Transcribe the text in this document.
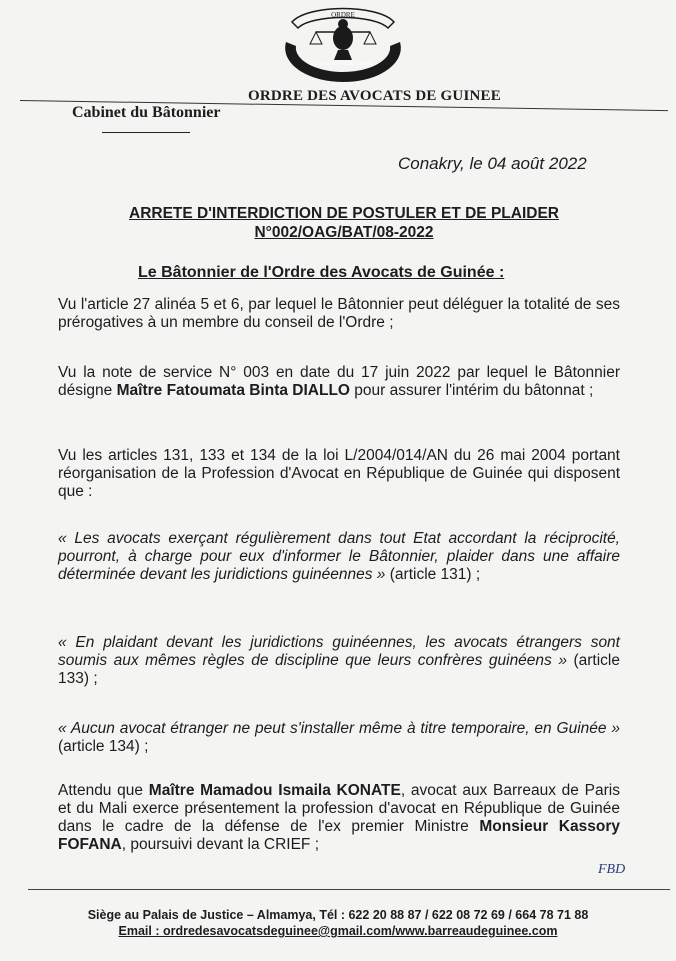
ORDRE
DES AVOCATS DE GUINEE
ORDRE DES AVOCATS DE GUINEE
Cabinet du Bâtonnier
Conakry, le 04 août 2022
ARRETE D'INTERDICTION DE POSTULER ET DE PLAIDER
N°002/OAG/BAT/08-2022
Le Bâtonnier de l'Ordre des Avocats de Guinée :
Vu l'article 27 alinéa 5 et 6, par lequel le Bâtonnier peut déléguer la totalité de ses prérogatives à un membre du conseil de l'Ordre ;
Vu la note de service N° 003 en date du 17 juin 2022 par lequel le Bâtonnier désigne Maître Fatoumata Binta DIALLO pour assurer l'intérim du bâtonnat ;
Vu les articles 131, 133 et 134 de la loi L/2004/014/AN du 26 mai 2004 portant réorganisation de la Profession d'Avocat en République de Guinée qui disposent que :
« Les avocats exerçant régulièrement dans tout Etat accordant la réciprocité, pourront, à charge pour eux d'informer le Bâtonnier, plaider dans une affaire déterminée devant les juridictions guinéennes » (article 131) ;
« En plaidant devant les juridictions guinéennes, les avocats étrangers sont soumis aux mêmes règles de discipline que leurs confrères guinéens » (article 133) ;
« Aucun avocat étranger ne peut s'installer même à titre temporaire, en Guinée » (article 134) ;
Attendu que Maître Mamadou Ismaila KONATE, avocat aux Barreaux de Paris et du Mali exerce présentement la profession d'avocat en République de Guinée dans le cadre de la défense de l'ex premier Ministre Monsieur Kassory FOFANA, poursuivi devant la CRIEF ;
FBD
Siège au Palais de Justice – Almamya, Tél : 622 20 88 87 / 622 08 72 69 / 664 78 71 88
Email : ordredesavocatsdeguinee@gmail.com/www.barreaudeguinee.com
